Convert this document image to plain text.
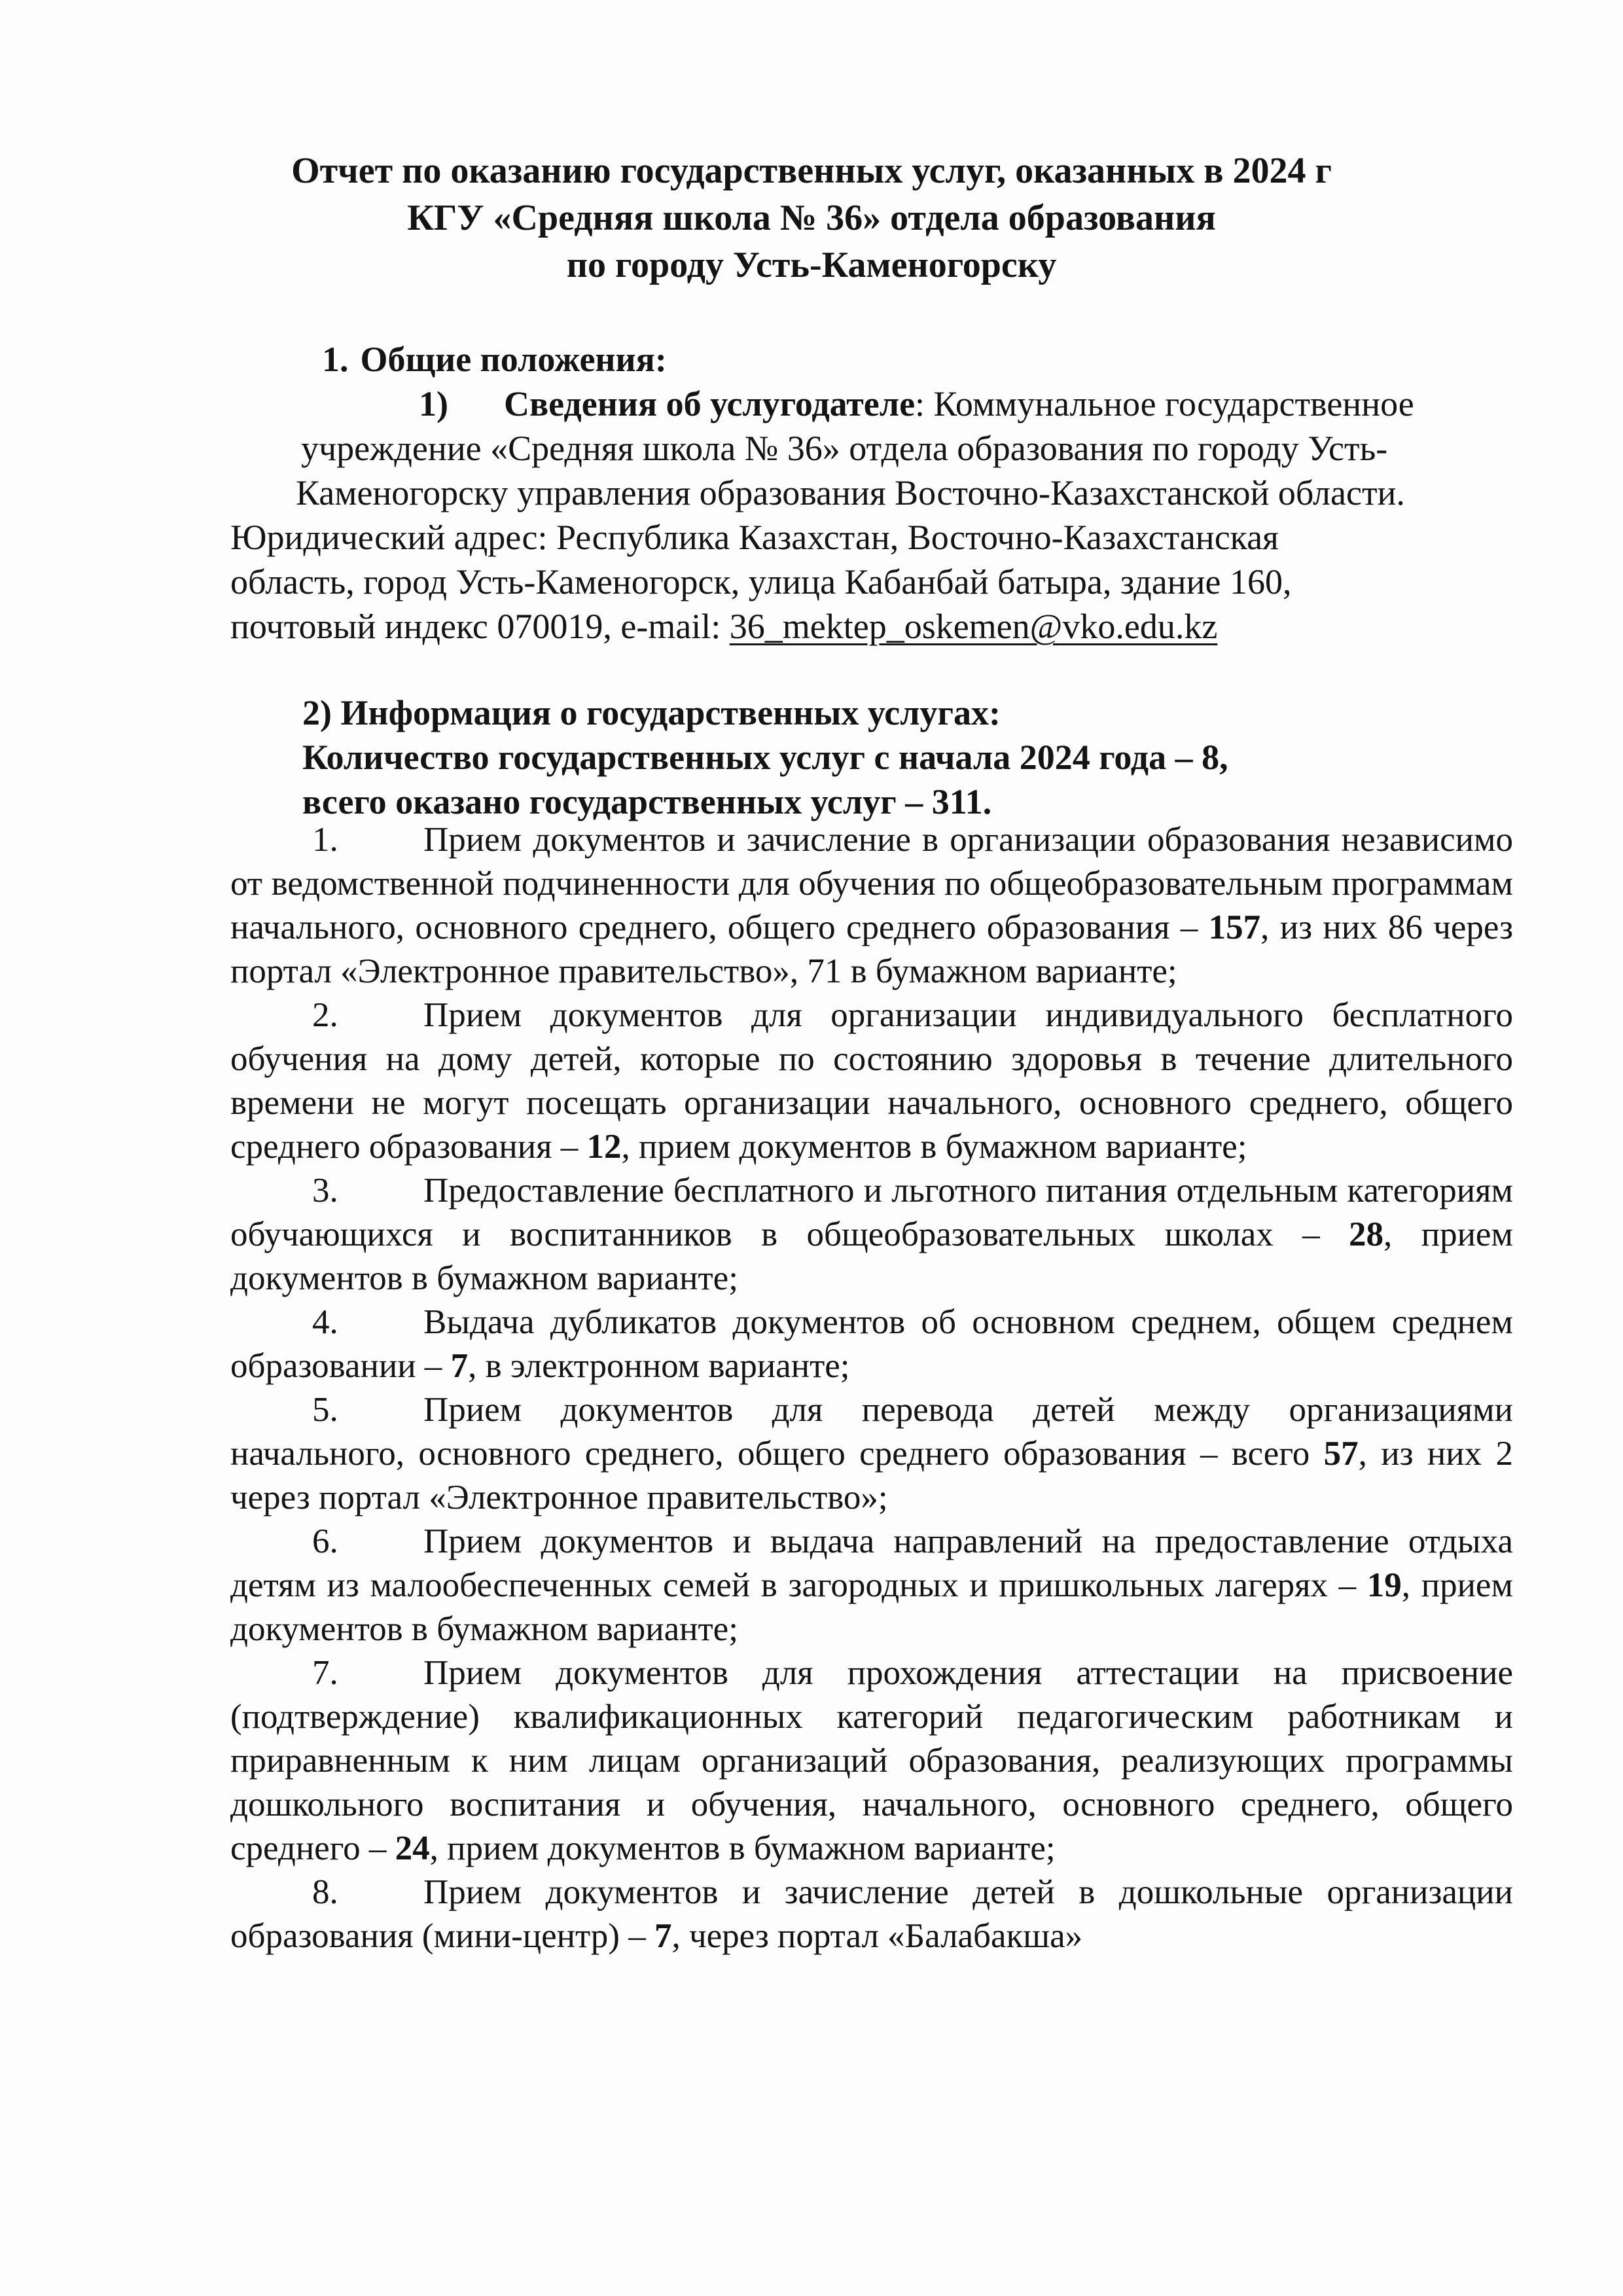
Отчет по оказанию государственных услуг, оказанных в 2024 г
КГУ «Средняя школа № 36» отдела образования
по городу Усть-Каменогорску
1. Общие положения:
1) Сведения об услугодателе: Коммунальное государственное
учреждение «Средняя школа № 36» отдела образования по городу Усть-
Каменогорску управления образования Восточно-Казахстанской области.
Юридический адрес: Республика Казахстан, Восточно-Казахстанская
область, город Усть-Каменогорск, улица Кабанбай батыра, здание 160,
почтовый индекс 070019, e-mail: 36_mektep_oskemen@vko.edu.kz
2) Информация о государственных услугах:
Количество государственных услуг с начала 2024 года – 8,
всего оказано государственных услуг – 311.
1. Прием документов и зачисление в организации образования независимо от ведомственной подчиненности для обучения по общеобразовательным программам начального, основного среднего, общего среднего образования – 157, из них 86 через портал «Электронное правительство», 71 в бумажном варианте;
2. Прием документов для организации индивидуального бесплатного обучения на дому детей, которые по состоянию здоровья в течение длительного времени не могут посещать организации начального, основного среднего, общего среднего образования – 12, прием документов в бумажном варианте;
3. Предоставление бесплатного и льготного питания отдельным категориям обучающихся и воспитанников в общеобразовательных школах – 28, прием документов в бумажном варианте;
4. Выдача дубликатов документов об основном среднем, общем среднем образовании – 7, в электронном варианте;
5. Прием документов для перевода детей между организациями начального, основного среднего, общего среднего образования – всего 57, из них 2 через портал «Электронное правительство»;
6. Прием документов и выдача направлений на предоставление отдыха детям из малообеспеченных семей в загородных и пришкольных лагерях – 19, прием документов в бумажном варианте;
7. Прием документов для прохождения аттестации на присвоение (подтверждение) квалификационных категорий педагогическим работникам и приравненным к ним лицам организаций образования, реализующих программы дошкольного воспитания и обучения, начального, основного среднего, общего среднего – 24, прием документов в бумажном варианте;
8. Прием документов и зачисление детей в дошкольные организации образования (мини-центр) – 7, через портал «Балабакша»
